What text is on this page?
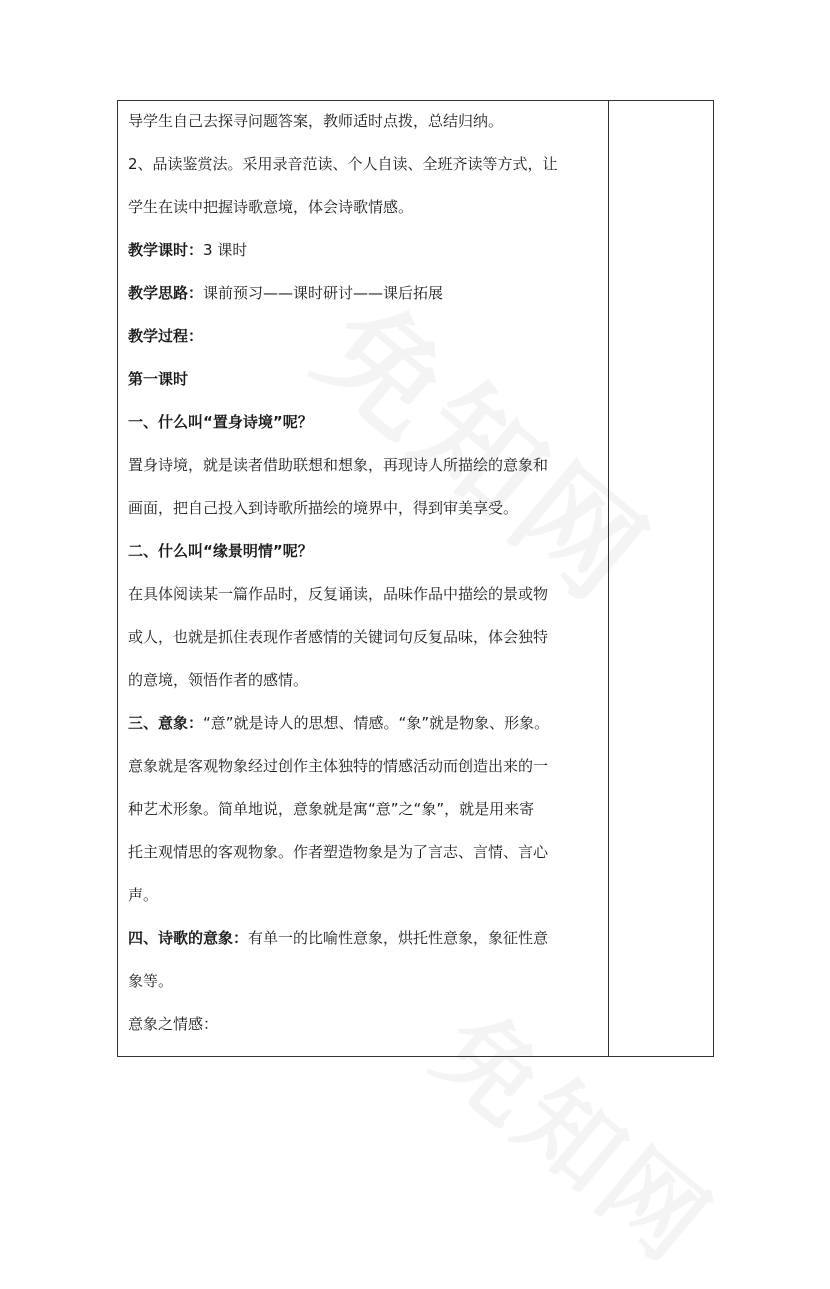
导学生自己去探寻问题答案，教师适时点拨，总结归纳。
2、品读鉴赏法。采用录音范读、个人自读、全班齐读等方式，让
学生在读中把握诗歌意境，体会诗歌情感。
教学课时：3 课时
教学思路：课前预习——课时研讨——课后拓展
教学过程：
第一课时
一、什么叫“置身诗境”呢？
置身诗境，就是读者借助联想和想象，再现诗人所描绘的意象和
画面，把自己投入到诗歌所描绘的境界中，得到审美享受。
二、什么叫“缘景明情”呢？
在具体阅读某一篇作品时，反复诵读，品味作品中描绘的景或物
或人，也就是抓住表现作者感情的关键词句反复品味，体会独特
的意境，领悟作者的感情。
三、意象：“意”就是诗人的思想、情感。“象”就是物象、形象。
意象就是客观物象经过创作主体独特的情感活动而创造出来的一
种艺术形象。简单地说，意象就是寓“意”之“象”，就是用来寄
托主观情思的客观物象。作者塑造物象是为了言志、言情、言心
声。
四、诗歌的意象：有单一的比喻性意象，烘托性意象，象征性意
象等。
意象之情感：
